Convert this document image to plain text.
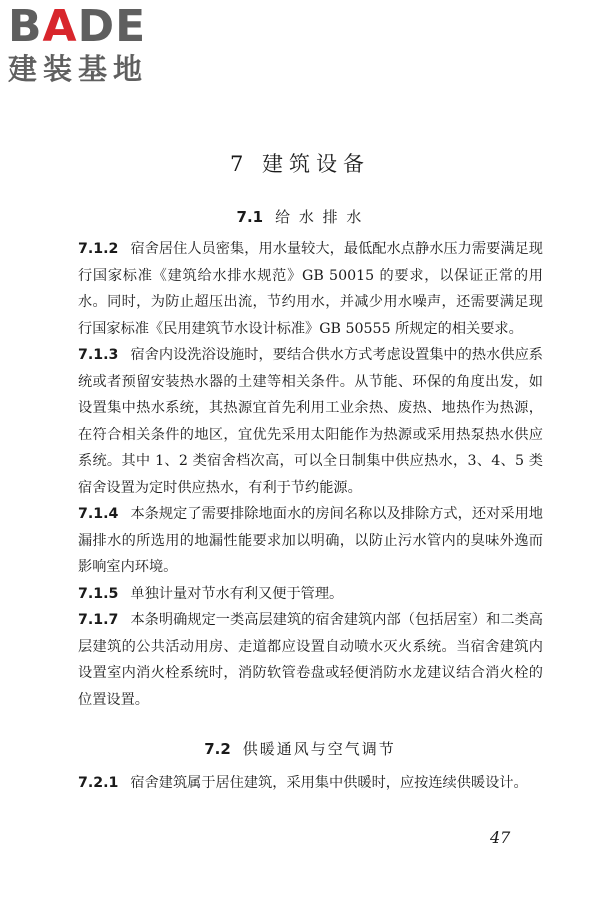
BADE
建装基地
7 建筑设备
7.1 给 水 排 水

7.1.2 宿舍居住人员密集，用水量较大，最低配水点静水压力需要满足现行国家标准《建筑给水排水规范》GB 50015 的要求，以保证正常的用水。同时，为防止超压出流，节约用水，并减少用水噪声，还需要满足现行国家标准《民用建筑节水设计标准》GB 50555 所规定的相关要求。

7.1.3 宿舍内设洗浴设施时，要结合供水方式考虑设置集中的热水供应系统或者预留安装热水器的土建等相关条件。从节能、环保的角度出发，如设置集中热水系统，其热源宜首先利用工业余热、废热、地热作为热源，在符合相关条件的地区，宜优先采用太阳能作为热源或采用热泵热水供应系统。其中 1、2 类宿舍档次高，可以全日制集中供应热水，3、4、5 类宿舍设置为定时供应热水，有利于节约能源。

7.1.4 本条规定了需要排除地面水的房间名称以及排除方式，还对采用地漏排水的所选用的地漏性能要求加以明确，以防止污水管内的臭味外逸而影响室内环境。

7.1.5 单独计量对节水有利又便于管理。

7.1.7 本条明确规定一类高层建筑的宿舍建筑内部（包括居室）和二类高层建筑的公共活动用房、走道都应设置自动喷水灭火系统。当宿舍建筑内设置室内消火栓系统时，消防软管卷盘或轻便消防水龙建议结合消火栓的位置设置。

7.2 供暖通风与空气调节

7.2.1 宿舍建筑属于居住建筑，采用集中供暖时，应按连续供暖设计。

47
